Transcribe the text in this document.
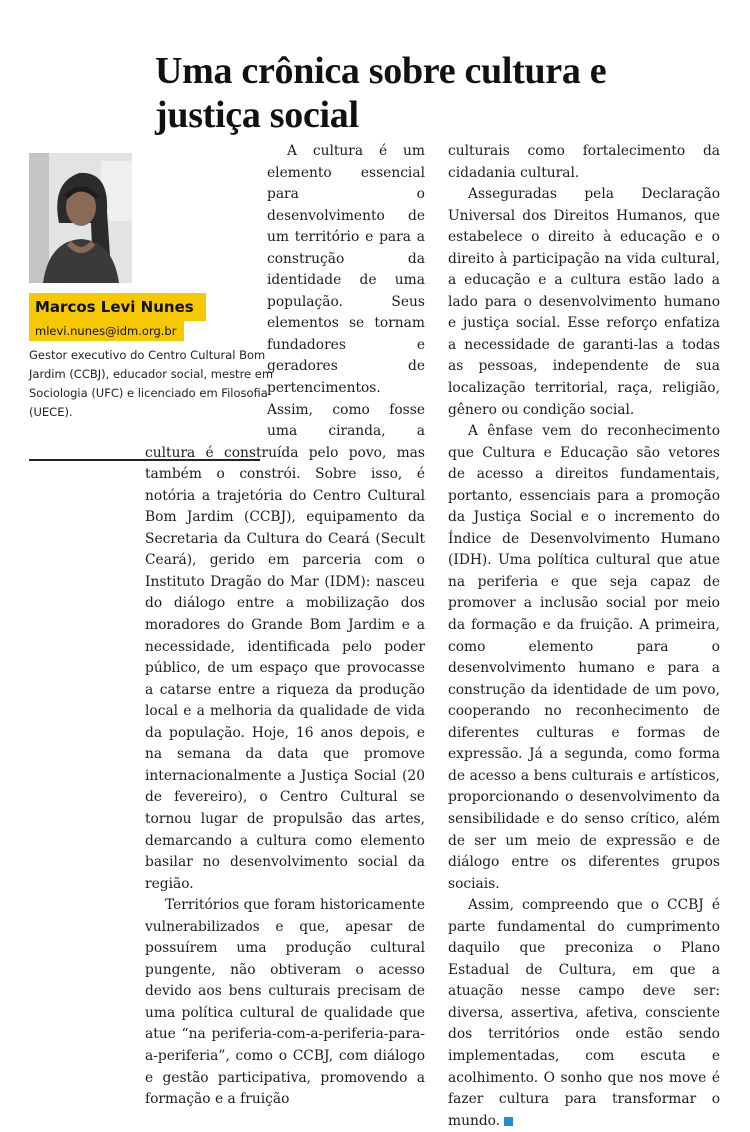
Uma crônica sobre cultura e justiça social
Marcos Levi Nunes
mlevi.nunes@idm.org.br
Gestor executivo do Centro Cultural Bom Jardim (CCBJ), educador social, mestre em Sociologia (UFC) e licenciado em Filosofia (UECE).

A cultura é um elemento essencial para o desenvolvimento de um território e para a construção da identidade de uma população. Seus elementos se tornam fundadores e geradores de pertencimentos. Assim, como fosse uma ciranda, a cultura é construída pelo povo, mas também o constrói. Sobre isso, é notória a trajetória do Centro Cultural Bom Jardim (CCBJ), equipamento da Secretaria da Cultura do Ceará (Secult Ceará), gerido em parceria com o Instituto Dragão do Mar (IDM): nasceu do diálogo entre a mobilização dos moradores do Grande Bom Jardim e a necessidade, identificada pelo poder público, de um espaço que provocasse a catarse entre a riqueza da produção local e a melhoria da qualidade de vida da população. Hoje, 16 anos depois, e na semana da data que promove internacionalmente a Justiça Social (20 de fevereiro), o Centro Cultural se tornou lugar de propulsão das artes, demarcando a cultura como elemento basilar no desenvolvimento social da região.

Territórios que foram historicamente vulnerabilizados e que, apesar de possuírem uma produção cultural pungente, não obtiveram o acesso devido aos bens culturais precisam de uma política cultural de qualidade que atue “na periferia-com-a-periferia-para-a-periferia”, como o CCBJ, com diálogo e gestão participativa, promovendo a formação e a fruição

culturais como fortalecimento da cidadania cultural.

Asseguradas pela Declaração Universal dos Direitos Humanos, que estabelece o direito à educação e o direito à participação na vida cultural, a educação e a cultura estão lado a lado para o desenvolvimento humano e justiça social. Esse reforço enfatiza a necessidade de garanti-las a todas as pessoas, independente de sua localização territorial, raça, religião, gênero ou condição social.

A ênfase vem do reconhecimento que Cultura e Educação são vetores de acesso a direitos fundamentais, portanto, essenciais para a promoção da Justiça Social e o incremento do Índice de Desenvolvimento Humano (IDH). Uma política cultural que atue na periferia e que seja capaz de promover a inclusão social por meio da formação e da fruição. A primeira, como elemento para o desenvolvimento humano e para a construção da identidade de um povo, cooperando no reconhecimento de diferentes culturas e formas de expressão. Já a segunda, como forma de acesso a bens culturais e artísticos, proporcionando o desenvolvimento da sensibilidade e do senso crítico, além de ser um meio de expressão e de diálogo entre os diferentes grupos sociais.

Assim, compreendo que o CCBJ é parte fundamental do cumprimento daquilo que preconiza o Plano Estadual de Cultura, em que a atuação nesse campo deve ser: diversa, assertiva, afetiva, consciente dos territórios onde estão sendo implementadas, com escuta e acolhimento. O sonho que nos move é fazer cultura para transformar o mundo.
